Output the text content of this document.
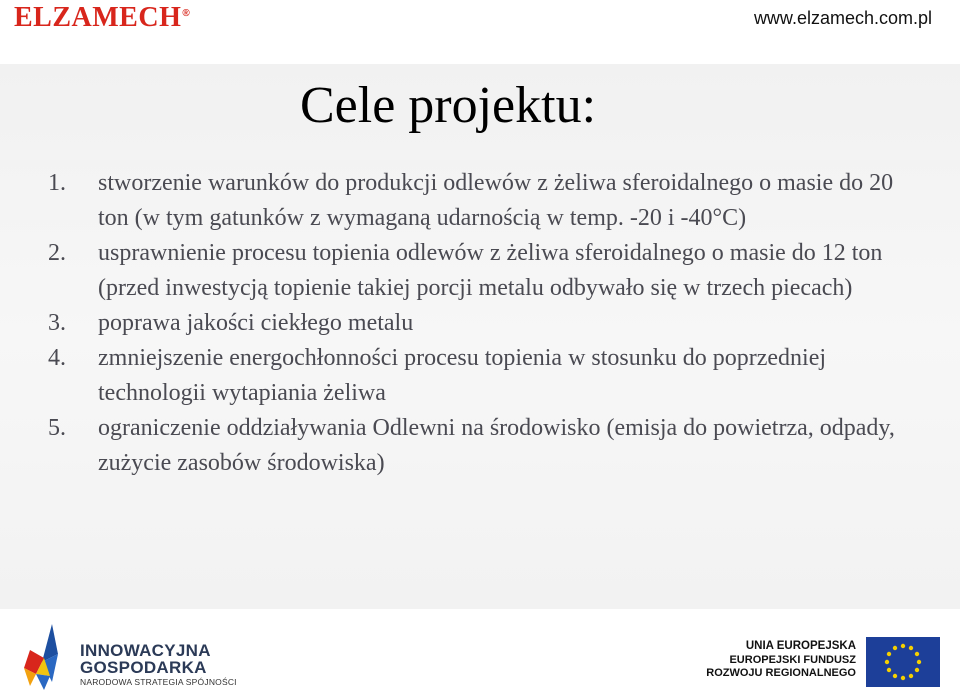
ELZAMECH®	www.elzamech.com.pl
Cele projektu:
1.	stworzenie warunków do produkcji odlewów z żeliwa sferoidalnego o masie do 20 ton (w tym gatunków z wymaganą udarnością w temp. -20 i -40°C)
2.	usprawnienie procesu topienia odlewów z żeliwa sferoidalnego o masie do 12 ton (przed inwestycją topienie takiej porcji metalu odbywało się w trzech piecach)
3.	poprawa jakości ciekłego metalu
4.	zmniejszenie energochłonności procesu topienia w stosunku do poprzedniej technologii wytapiania żeliwa
5.	ograniczenie oddziaływania Odlewni na środowisko (emisja do powietrza, odpady, zużycie zasobów środowiska)
INNOWACYJNA
GOSPODARKA
NARODOWA STRATEGIA SPÓJNOŚCI
UNIA EUROPEJSKA
EUROPEJSKI FUNDUSZ
ROZWOJU REGIONALNEGO
